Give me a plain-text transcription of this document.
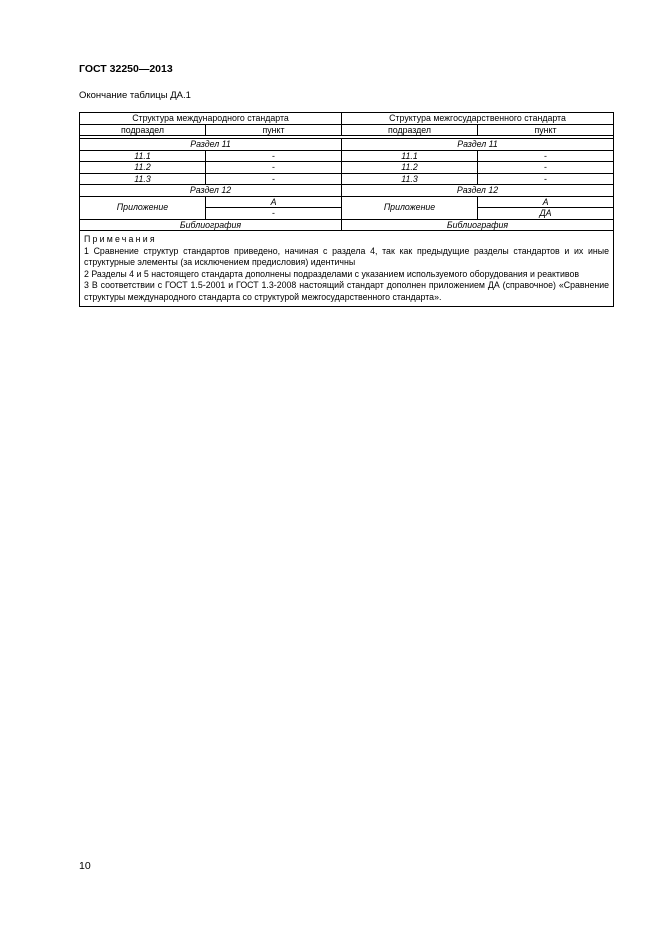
ГОСТ 32250—2013
Окончание таблицы ДА.1
Структура международного стандарта		Структура межгосударственного стандарта	
подраздел	пункт	подраздел	пункт

Раздел 11		Раздел 11	
11.1	-	11.1	-
11.2	-	11.2	-
11.3	-	11.3	-
Раздел 12		Раздел 12	
Приложение	A	Приложение	A
	-		ДА
Библиография		Библиография	

Примечания
1 Сравнение структур стандартов приведено, начиная с раздела 4, так как предыдущие разделы стандартов и их иные структурные элементы (за исключением предисловия) идентичны
2 Разделы 4 и 5 настоящего стандарта дополнены подразделами с указанием используемого оборудования и реактивов
3 В соответствии с ГОСТ 1.5-2001 и ГОСТ 1.3-2008 настоящий стандарт дополнен приложением ДА (справочное) «Сравнение структуры международного стандарта со структурой межгосударственного стандарта».			
10
